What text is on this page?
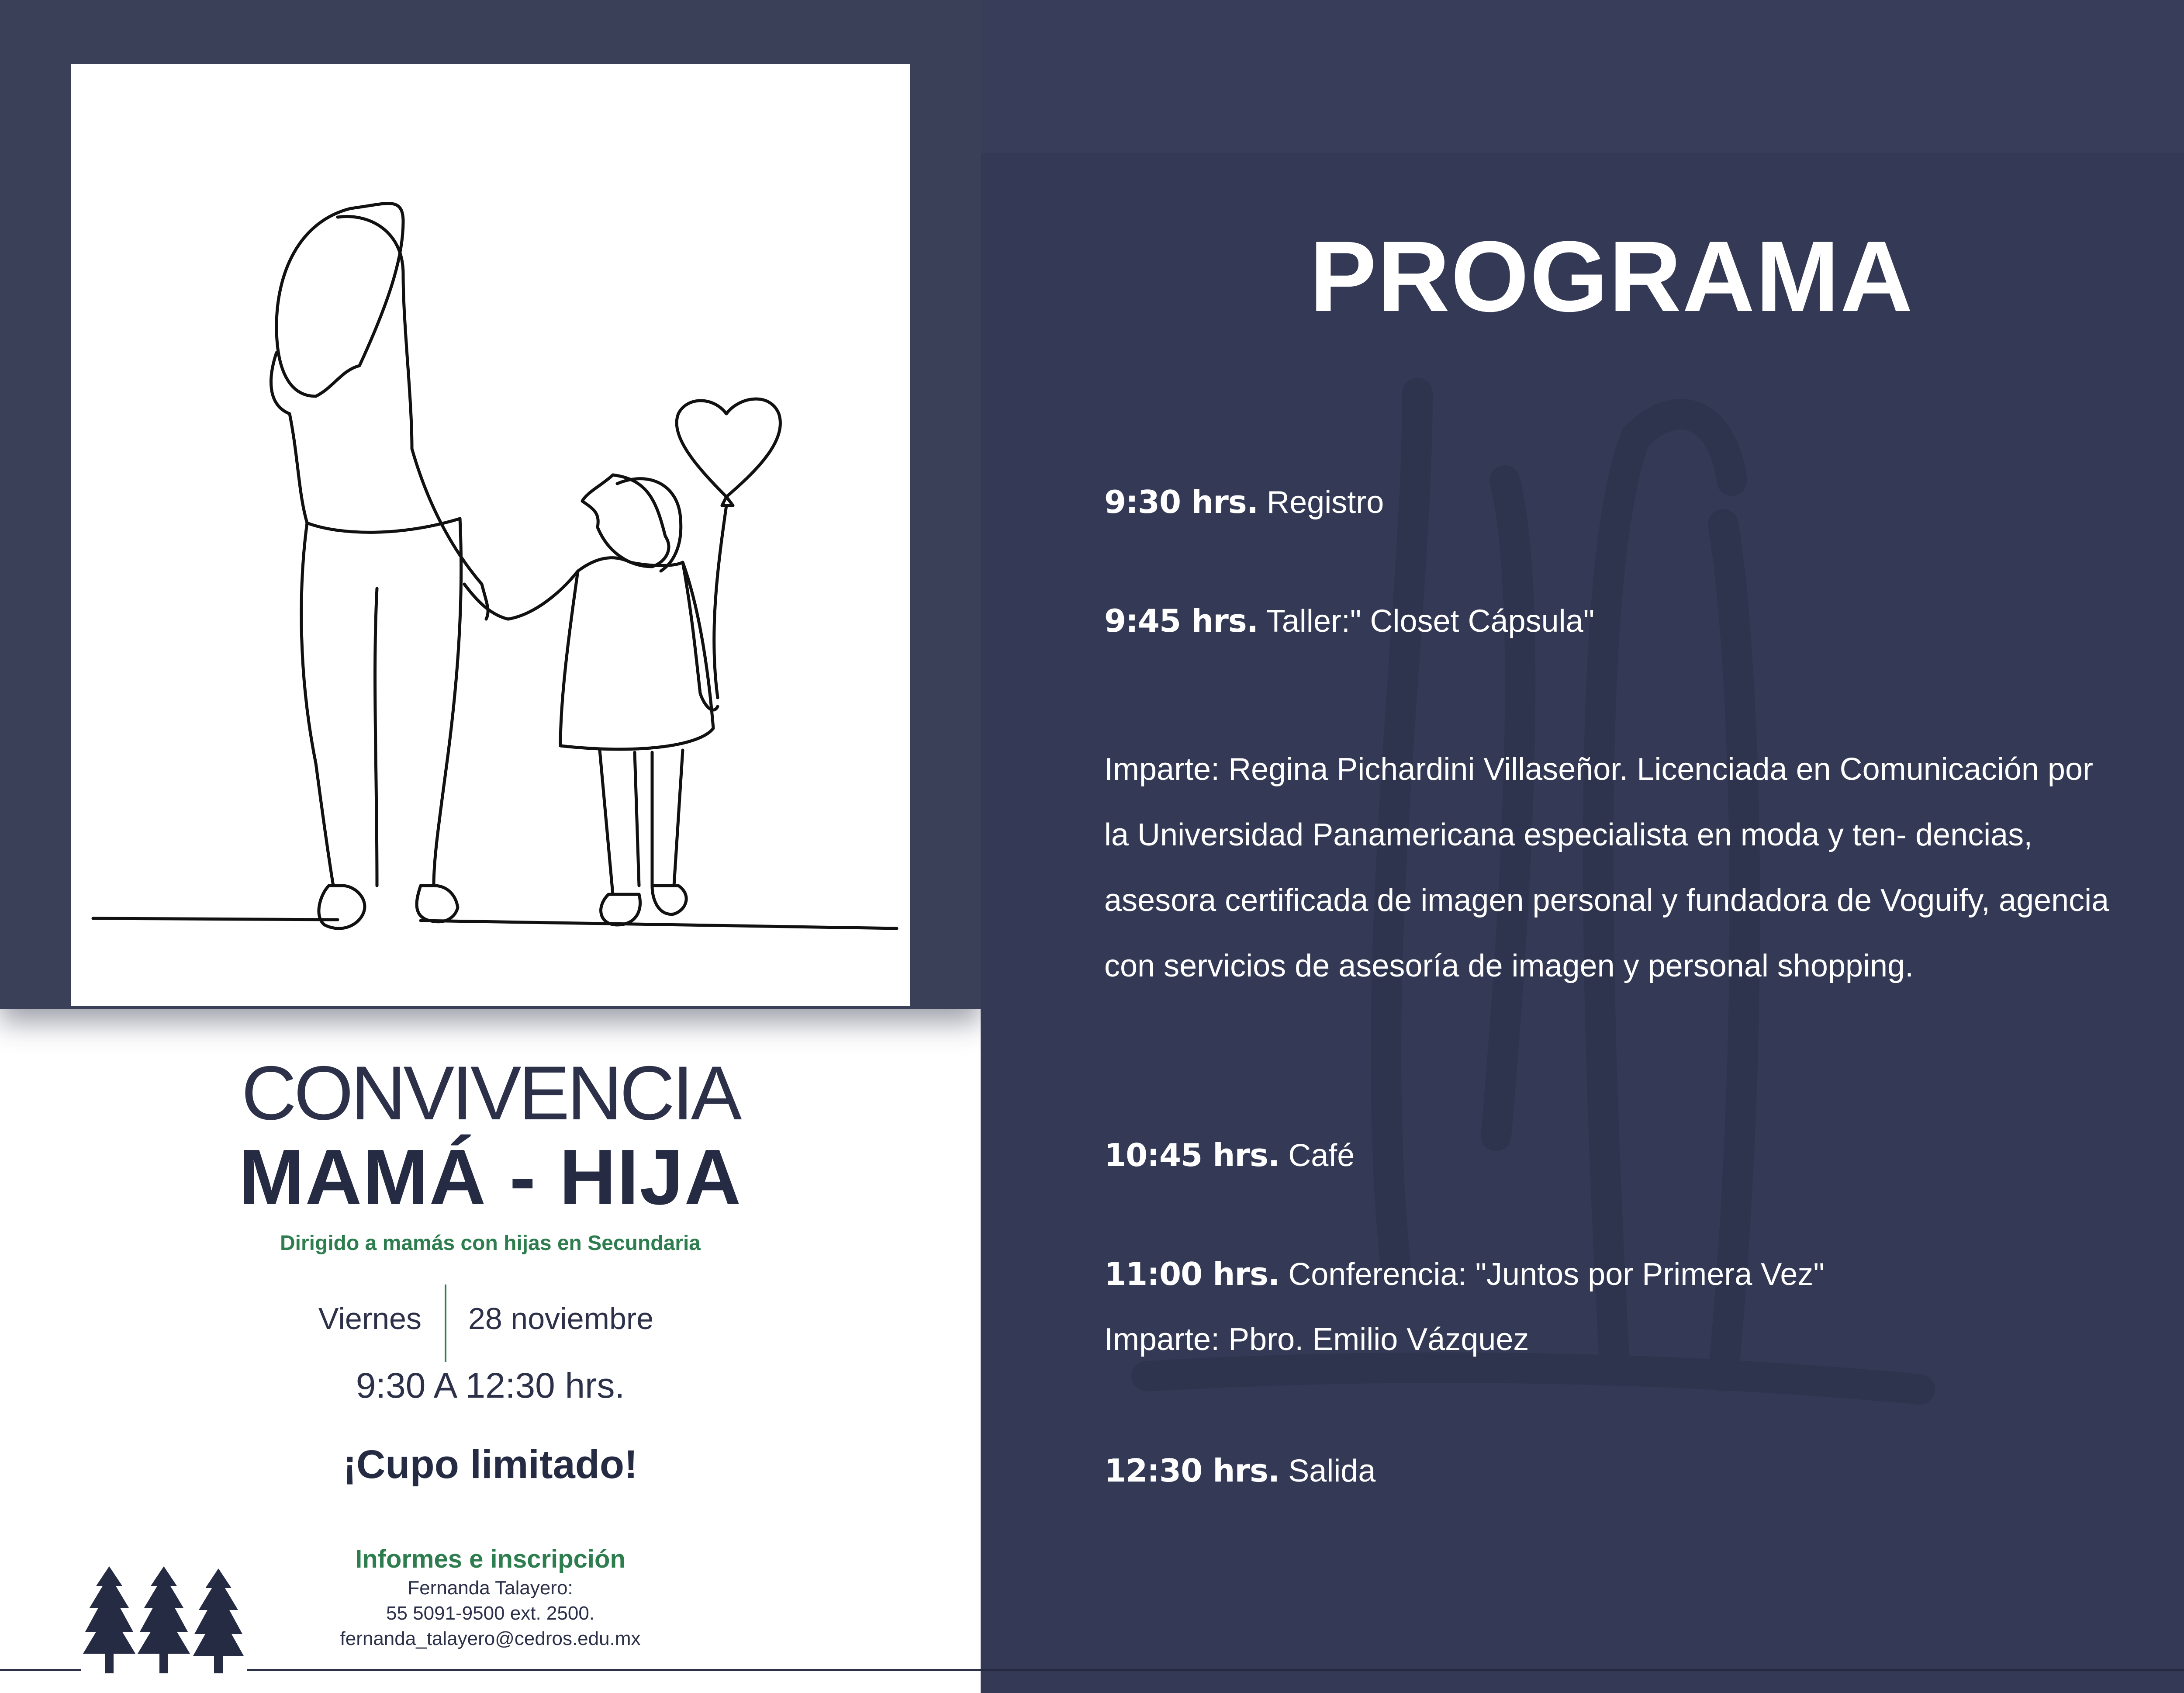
CONVIVENCIA
MAMÁ - HIJA
Dirigido a mamás con hijas en Secundaria
Viernes 28 noviembre
9:30 A 12:30 hrs.
¡Cupo limitado!
Informes e inscripción
Fernanda Talayero:
55 5091-9500 ext. 2500.
fernanda_talayero@cedros.edu.mx
PROGRAMA
9:30 hrs. Registro
9:45 hrs. Taller:" Closet Cápsula"
Imparte: Regina Pichardini Villaseñor. Licenciada en Comunicación por la Universidad Panamericana especialista en moda y ten- dencias, asesora certificada de imagen personal y fundadora de Voguify, agencia con servicios de asesoría de imagen y personal shopping.
10:45 hrs. Café
11:00 hrs. Conferencia: "Juntos por Primera Vez"
Imparte: Pbro. Emilio Vázquez
12:30 hrs. Salida
